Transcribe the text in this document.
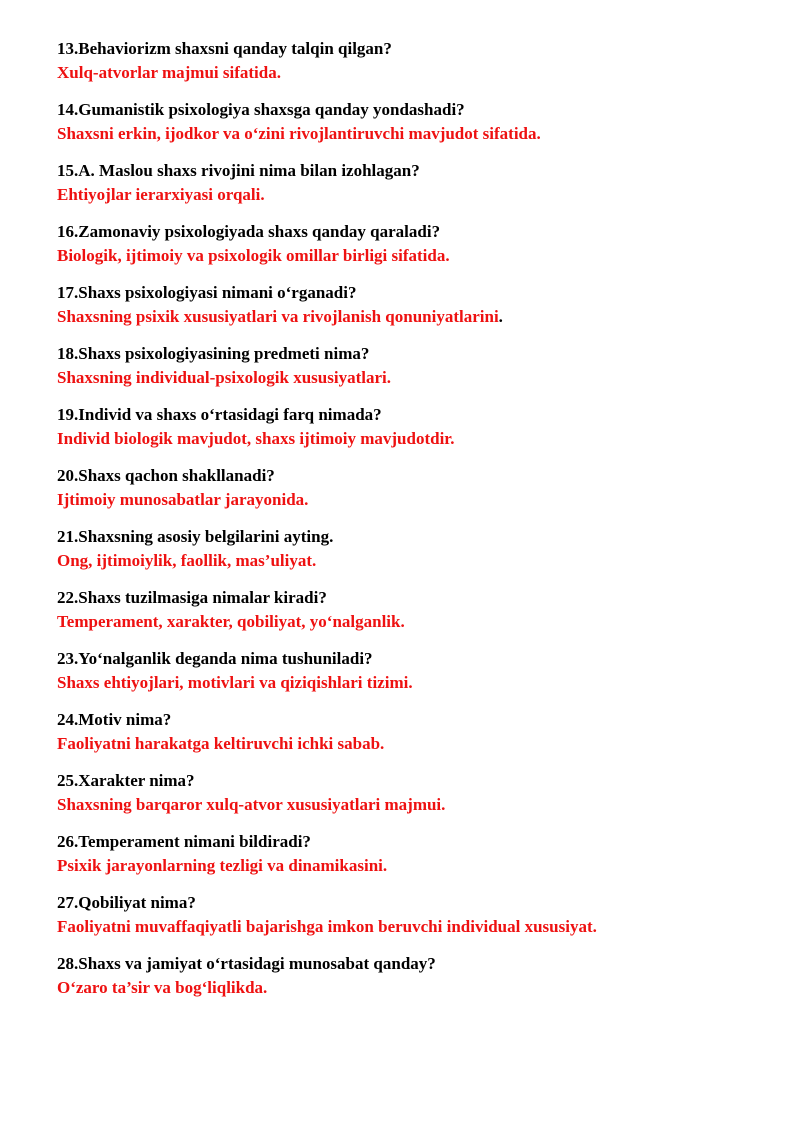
13.Behaviorizm shaxsni qanday talqin qilgan?
Xulq-atvorlar majmui sifatida.
14.Gumanistik psixologiya shaxsga qanday yondashadi?
Shaxsni erkin, ijodkor va o‘zini rivojlantiruvchi mavjudot sifatida.
15.A. Maslou shaxs rivojini nima bilan izohlagan?
Ehtiyojlar ierarxiyasi orqali.
16.Zamonaviy psixologiyada shaxs qanday qaraladi?
Biologik, ijtimoiy va psixologik omillar birligi sifatida.
17.Shaxs psixologiyasi nimani o‘rganadi?
Shaxsning psixik xususiyatlari va rivojlanish qonuniyatlarini.
18.Shaxs psixologiyasining predmeti nima?
Shaxsning individual-psixologik xususiyatlari.
19.Individ va shaxs o‘rtasidagi farq nimada?
Individ biologik mavjudot, shaxs ijtimoiy mavjudotdir.
20.Shaxs qachon shakllanadi?
Ijtimoiy munosabatlar jarayonida.
21.Shaxsning asosiy belgilarini ayting.
Ong, ijtimoiylik, faollik, mas’uliyat.
22.Shaxs tuzilmasiga nimalar kiradi?
Temperament, xarakter, qobiliyat, yo‘nalganlik.
23.Yo‘nalganlik deganda nima tushuniladi?
Shaxs ehtiyojlari, motivlari va qiziqishlari tizimi.
24.Motiv nima?
Faoliyatni harakatga keltiruvchi ichki sabab.
25.Xarakter nima?
Shaxsning barqaror xulq-atvor xususiyatlari majmui.
26.Temperament nimani bildiradi?
Psixik jarayonlarning tezligi va dinamikasini.
27.Qobiliyat nima?
Faoliyatni muvaffaqiyatli bajarishga imkon beruvchi individual xususiyat.
28.Shaxs va jamiyat o‘rtasidagi munosabat qanday?
O‘zaro ta’sir va bog‘liqlikda.
